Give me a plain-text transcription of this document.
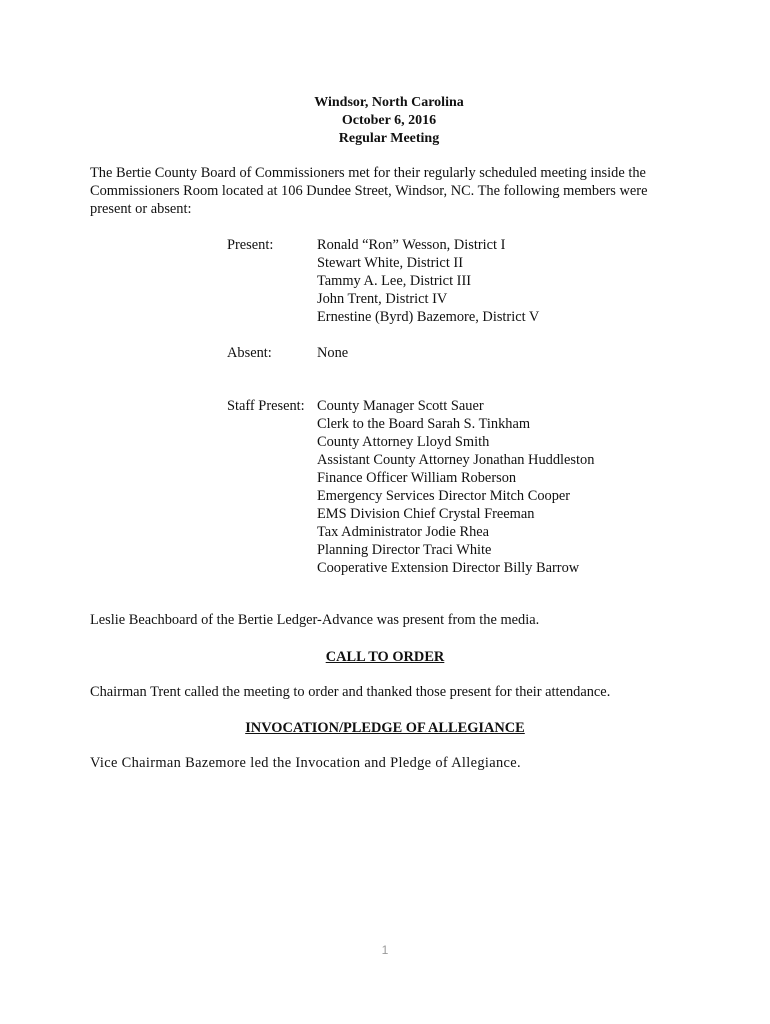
Windsor, North Carolina
October 6, 2016
Regular Meeting
The Bertie County Board of Commissioners met for their regularly scheduled meeting inside the Commissioners Room located at 106 Dundee Street, Windsor, NC. The following members were present or absent:
Present:	Ronald “Ron” Wesson, District I
Stewart White, District II
Tammy A. Lee, District III
John Trent, District IV
Ernestine (Byrd) Bazemore, District V
Absent:	None
Staff Present: County Manager Scott Sauer
Clerk to the Board Sarah S. Tinkham
County Attorney Lloyd Smith
Assistant County Attorney Jonathan Huddleston
Finance Officer William Roberson
Emergency Services Director Mitch Cooper
EMS Division Chief Crystal Freeman
Tax Administrator Jodie Rhea
Planning Director Traci White
Cooperative Extension Director Billy Barrow
Leslie Beachboard of the Bertie Ledger-Advance was present from the media.
CALL TO ORDER
Chairman Trent called the meeting to order and thanked those present for their attendance.
INVOCATION/PLEDGE OF ALLEGIANCE
Vice Chairman Bazemore led the Invocation and Pledge of Allegiance.
1
